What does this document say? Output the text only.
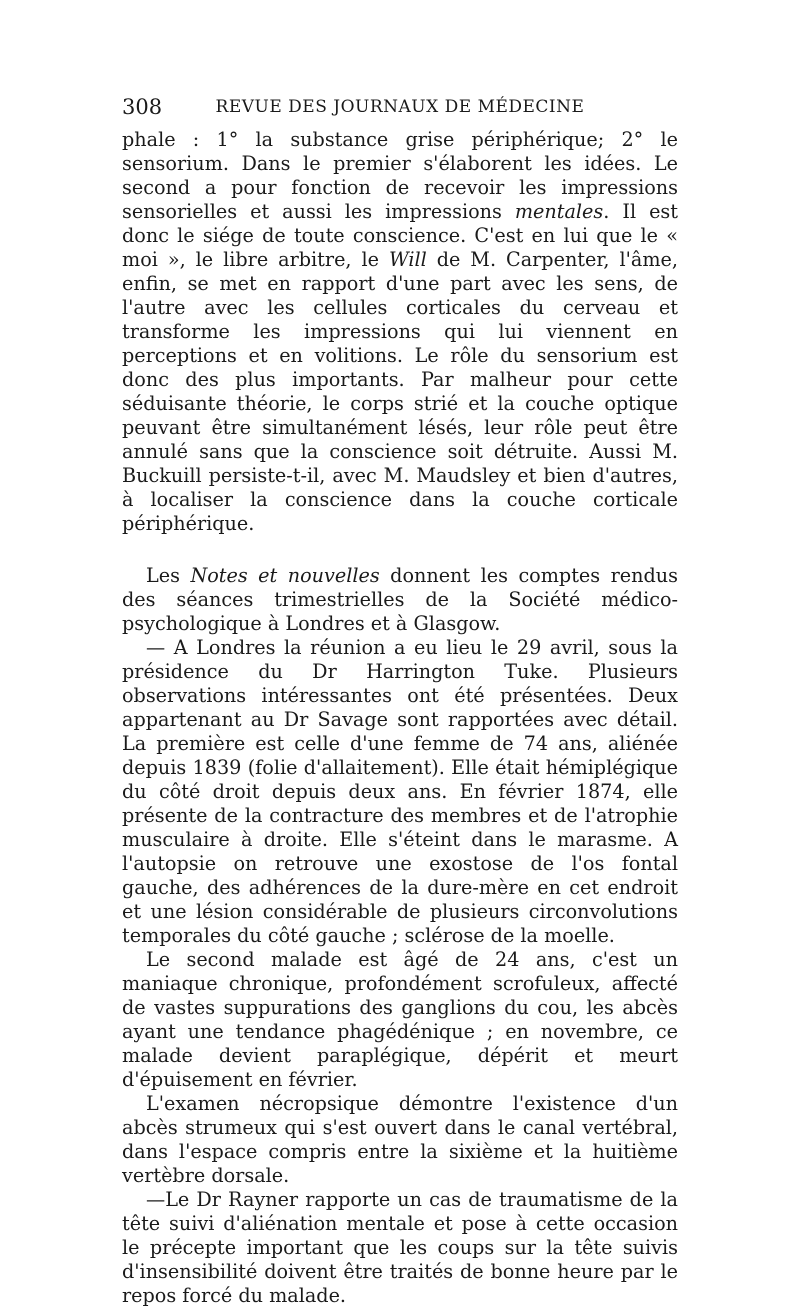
308	REVUE DES JOURNAUX DE MÉDECINE

phale : 1° la substance grise périphérique; 2° le sensorium. Dans le premier s'élaborent les idées. Le second a pour fonction de recevoir les impressions sensorielles et aussi les impressions mentales. Il est donc le siége de toute conscience. C'est en lui que le « moi », le libre arbitre, le Will de M. Carpenter, l'âme, enfin, se met en rapport d'une part avec les sens, de l'autre avec les cellules corticales du cerveau et transforme les impressions qui lui viennent en perceptions et en volitions. Le rôle du sensorium est donc des plus importants. Par malheur pour cette séduisante théorie, le corps strié et la couche optique peuvant être simultanément lésés, leur rôle peut être annulé sans que la conscience soit détruite. Aussi M. Buckuill persiste-t-il, avec M. Maudsley et bien d'autres, à localiser la conscience dans la couche corticale périphérique.

Les Notes et nouvelles donnent les comptes rendus des séances trimestrielles de la Société médico-psychologique à Londres et à Glasgow.

— A Londres la réunion a eu lieu le 29 avril, sous la présidence du Dr Harrington Tuke. Plusieurs observations intéressantes ont été présentées. Deux appartenant au Dr Savage sont rapportées avec détail. La première est celle d'une femme de 74 ans, aliénée depuis 1839 (folie d'allaitement). Elle était hémiplégique du côté droit depuis deux ans. En février 1874, elle présente de la contracture des membres et de l'atrophie musculaire à droite. Elle s'éteint dans le marasme. A l'autopsie on retrouve une exostose de l'os fontal gauche, des adhérences de la dure-mère en cet endroit et une lésion considérable de plusieurs circonvolutions temporales du côté gauche ; sclérose de la moelle.

Le second malade est âgé de 24 ans, c'est un maniaque chronique, profondément scrofuleux, affecté de vastes suppurations des ganglions du cou, les abcès ayant une tendance phagédénique ; en novembre, ce malade devient paraplégique, dépérit et meurt d'épuisement en février.

L'examen nécropsique démontre l'existence d'un abcès strumeux qui s'est ouvert dans le canal vertébral, dans l'espace compris entre la sixième et la huitième vertèbre dorsale.

—Le Dr Rayner rapporte un cas de traumatisme de la tête suivi d'aliénation mentale et pose à cette occasion le précepte important que les coups sur la tête suivis d'insensibilité doivent être traités de bonne heure par le repos forcé du malade.
